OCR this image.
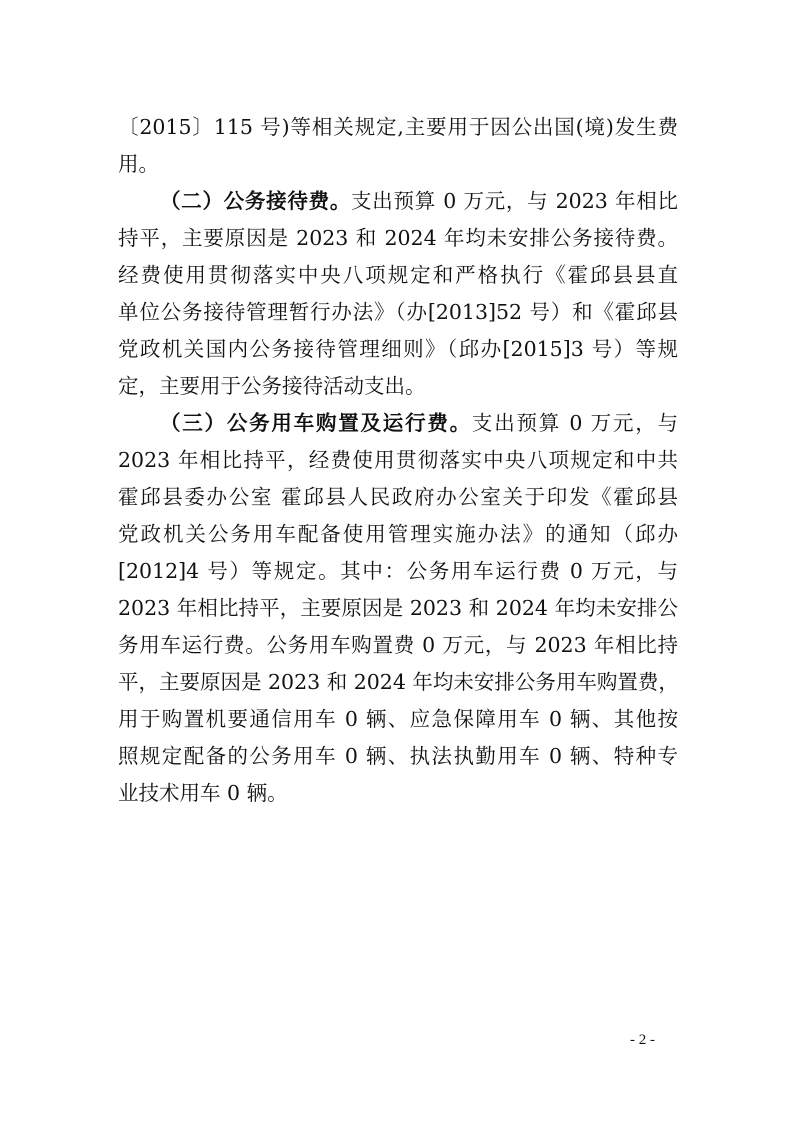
〔2015〕115 号)等相关规定,主要用于因公出国(境)发生费
用。
（二）公务接待费。支出预算 0 万元，与 2023 年相比
持平，主要原因是 2023 和 2024 年均未安排公务接待费。
经费使用贯彻落实中央八项规定和严格执行《霍邱县县直
单位公务接待管理暂行办法》（办[2013]52 号）和《霍邱县
党政机关国内公务接待管理细则》（邱办[2015]3 号）等规
定，主要用于公务接待活动支出。
（三）公务用车购置及运行费。支出预算 0 万元，与
2023 年相比持平，经费使用贯彻落实中央八项规定和中共
霍邱县委办公室 霍邱县人民政府办公室关于印发《霍邱县
党政机关公务用车配备使用管理实施办法》的通知（邱办
[2012]4 号）等规定。其中：公务用车运行费 0 万元，与
2023 年相比持平，主要原因是 2023 和 2024 年均未安排公
务用车运行费。公务用车购置费 0 万元，与 2023 年相比持
平，主要原因是 2023 和 2024 年均未安排公务用车购置费，
用于购置机要通信用车 0 辆、应急保障用车 0 辆、其他按
照规定配备的公务用车 0 辆、执法执勤用车 0 辆、特种专
业技术用车 0 辆。
- 2 -
